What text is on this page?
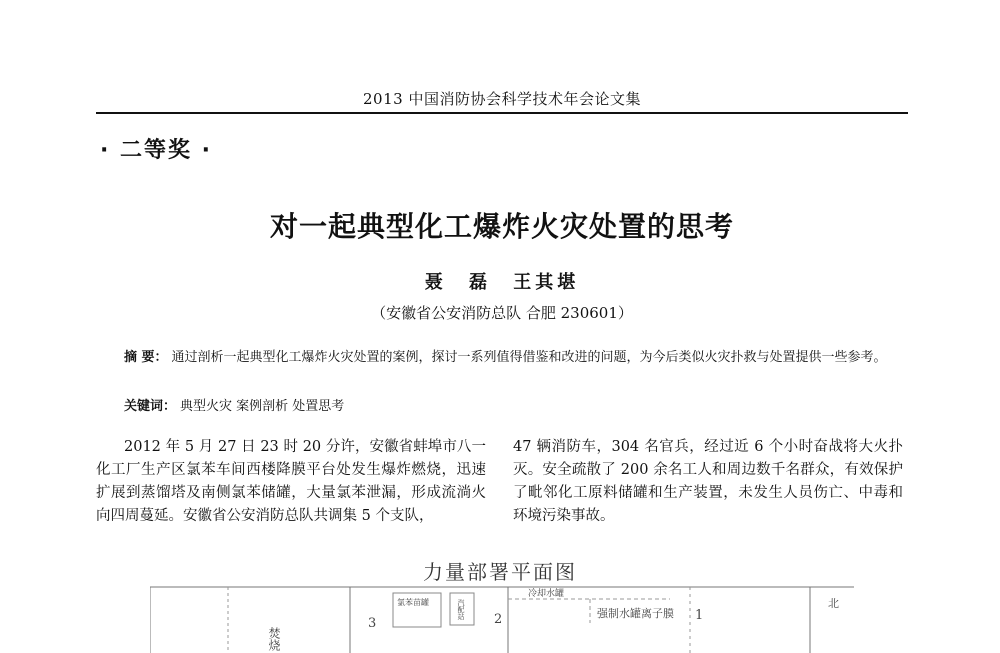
2013 中国消防协会科学技术年会论文集
· 二等奖 ·
对一起典型化工爆炸火灾处置的思考
聂 磊 王其堪
（安徽省公安消防总队 合肥 230601）
摘 要： 通过剖析一起典型化工爆炸火灾处置的案例，探讨一系列值得借鉴和改进的问题，为今后类似火灾扑救与处置提供一些参考。
关键词： 典型火灾 案例剖析 处置思考
2012 年 5 月 27 日 23 时 20 分许，安徽省蚌埠市八一化工厂生产区氯苯车间西楼降膜平台处发生爆炸燃烧，迅速扩展到蒸馏塔及南侧氯苯储罐，大量氯苯泄漏，形成流淌火向四周蔓延。安徽省公安消防总队共调集 5 个支队，
47 辆消防车，304 名官兵，经过近 6 个小时奋战将大火扑灭。安全疏散了 200 余名工人和周边数千名群众，有效保护了毗邻化工原料储罐和生产装置，未发生人员伤亡、中毒和环境污染事故。
力量部署平面图
焚烧
3
氯苯苗罐	汽配站 2
冷却水罐
强制水罐离子膜 1
北
